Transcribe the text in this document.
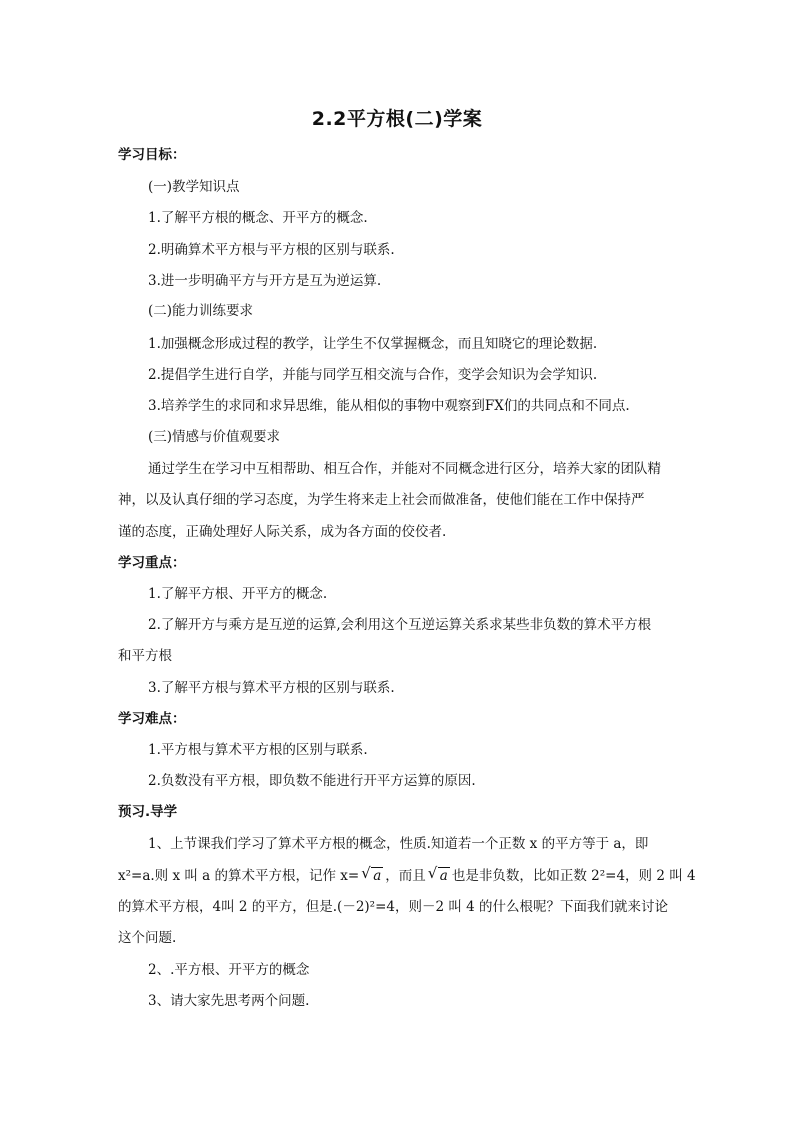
2.2平方根(二)学案
学习目标：
(一)教学知识点
1.了解平方根的概念、开平方的概念.
2.明确算术平方根与平方根的区别与联系.
3.进一步明确平方与开方是互为逆运算.
(二)能力训练要求
1.加强概念形成过程的教学，让学生不仅掌握概念，而且知晓它的理论数据.
2.提倡学生进行自学，并能与同学互相交流与合作，变学会知识为会学知识.
3.培养学生的求同和求异思维，能从相似的事物中观察到FX们的共同点和不同点.
(三)情感与价值观要求
通过学生在学习中互相帮助、相互合作，并能对不同概念进行区分，培养大家的团队精
神，以及认真仔细的学习态度，为学生将来走上社会而做准备，使他们能在工作中保持严
谨的态度，正确处理好人际关系，成为各方面的佼佼者.
学习重点：
1.了解平方根、开平方的概念.
2.了解开方与乘方是互逆的运算,会利用这个互逆运算关系求某些非负数的算术平方根
和平方根
3.了解平方根与算术平方根的区别与联系.
学习难点：
1.平方根与算术平方根的区别与联系.
2.负数没有平方根，即负数不能进行开平方运算的原因.
预习.导学
1、上节课我们学习了算术平方根的概念，性质.知道若一个正数 x 的平方等于 a，即
x²=a.则 x 叫 a 的算术平方根，记作 x= √ a ，而且 √ a 也是非负数，比如正数 2²=4，则 2 叫 4
的算术平方根，4叫 2 的平方，但是.(－2)²=4，则－2 叫 4 的什么根呢？下面我们就来讨论
这个问题.
2、.平方根、开平方的概念
3、请大家先思考两个问题.
